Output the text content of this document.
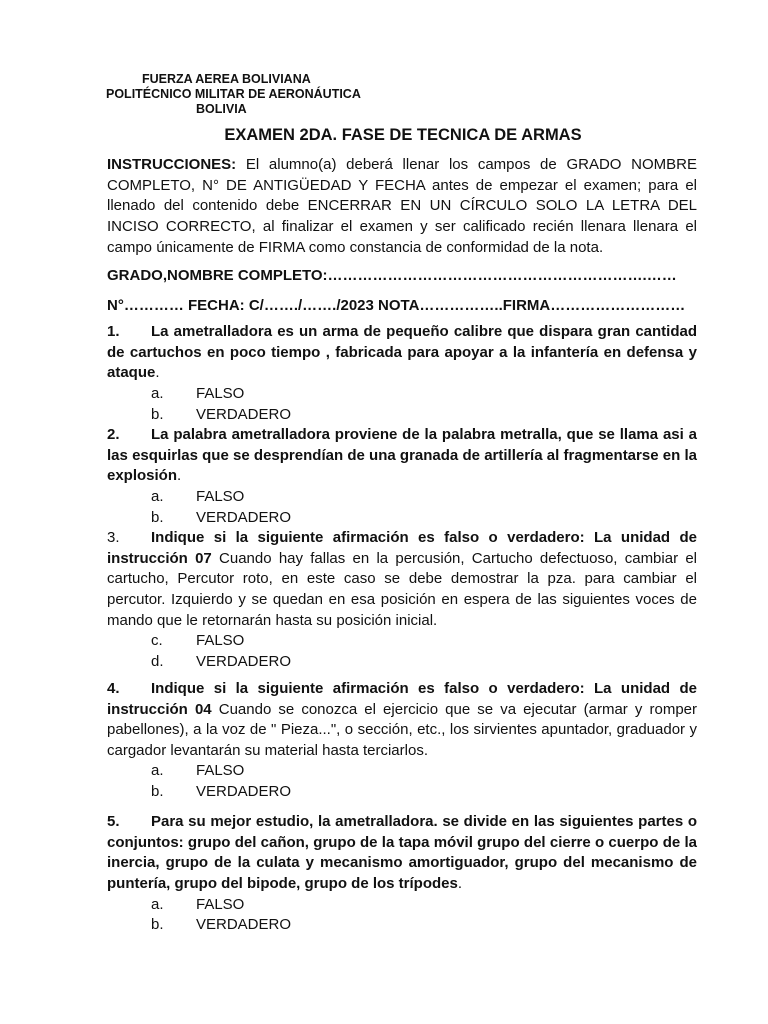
FUERZA AEREA BOLIVIANA
POLITÉCNICO MILITAR DE AERONÁUTICA
BOLIVIA
EXAMEN 2DA. FASE DE TECNICA DE ARMAS
INSTRUCCIONES: El alumno(a) deberá llenar los campos de GRADO NOMBRE COMPLETO, N° DE ANTIGÜEDAD Y FECHA antes de empezar el examen; para el llenado del contenido debe ENCERRAR EN UN CÍRCULO SOLO LA LETRA DEL INCISO CORRECTO, al finalizar el examen y ser calificado recién llenara llenara el campo únicamente de FIRMA como constancia de conformidad de la nota.
GRADO,NOMBRE COMPLETO:……………………………………………………….……
N°………… FECHA: C/……./……./2023 NOTA……………..FIRMA………………………
1. La ametralladora es un arma de pequeño calibre que dispara gran cantidad de cartuchos en poco tiempo , fabricada para apoyar a la infantería en defensa y ataque.
a. FALSO
b. VERDADERO
2. La palabra ametralladora proviene de la palabra metralla, que se llama asi a las esquirlas que se desprendían de una granada de artillería al fragmentarse en la explosión.
a. FALSO
b. VERDADERO
3. Indique si la siguiente afirmación es falso o verdadero: La unidad de instrucción 07 Cuando hay fallas en la percusión, Cartucho defectuoso, cambiar el cartucho, Percutor roto, en este caso se debe demostrar la pza. para cambiar el percutor. Izquierdo y se quedan en esa posición en espera de las siguientes voces de mando que le retornarán hasta su posición inicial.
c. FALSO
d. VERDADERO
4. Indique si la siguiente afirmación es falso o verdadero: La unidad de instrucción 04 Cuando se conozca el ejercicio que se va ejecutar (armar y romper pabellones), a la voz de " Pieza...", o sección, etc., los sirvientes apuntador, graduador y cargador levantarán su material hasta terciarlos.
a. FALSO
b. VERDADERO
5. Para su mejor estudio, la ametralladora. se divide en las siguientes partes o conjuntos: grupo del cañon, grupo de la tapa móvil grupo del cierre o cuerpo de la inercia, grupo de la culata y mecanismo amortiguador, grupo del mecanismo de puntería, grupo del bipode, grupo de los trípodes.
a. FALSO
b. VERDADERO
